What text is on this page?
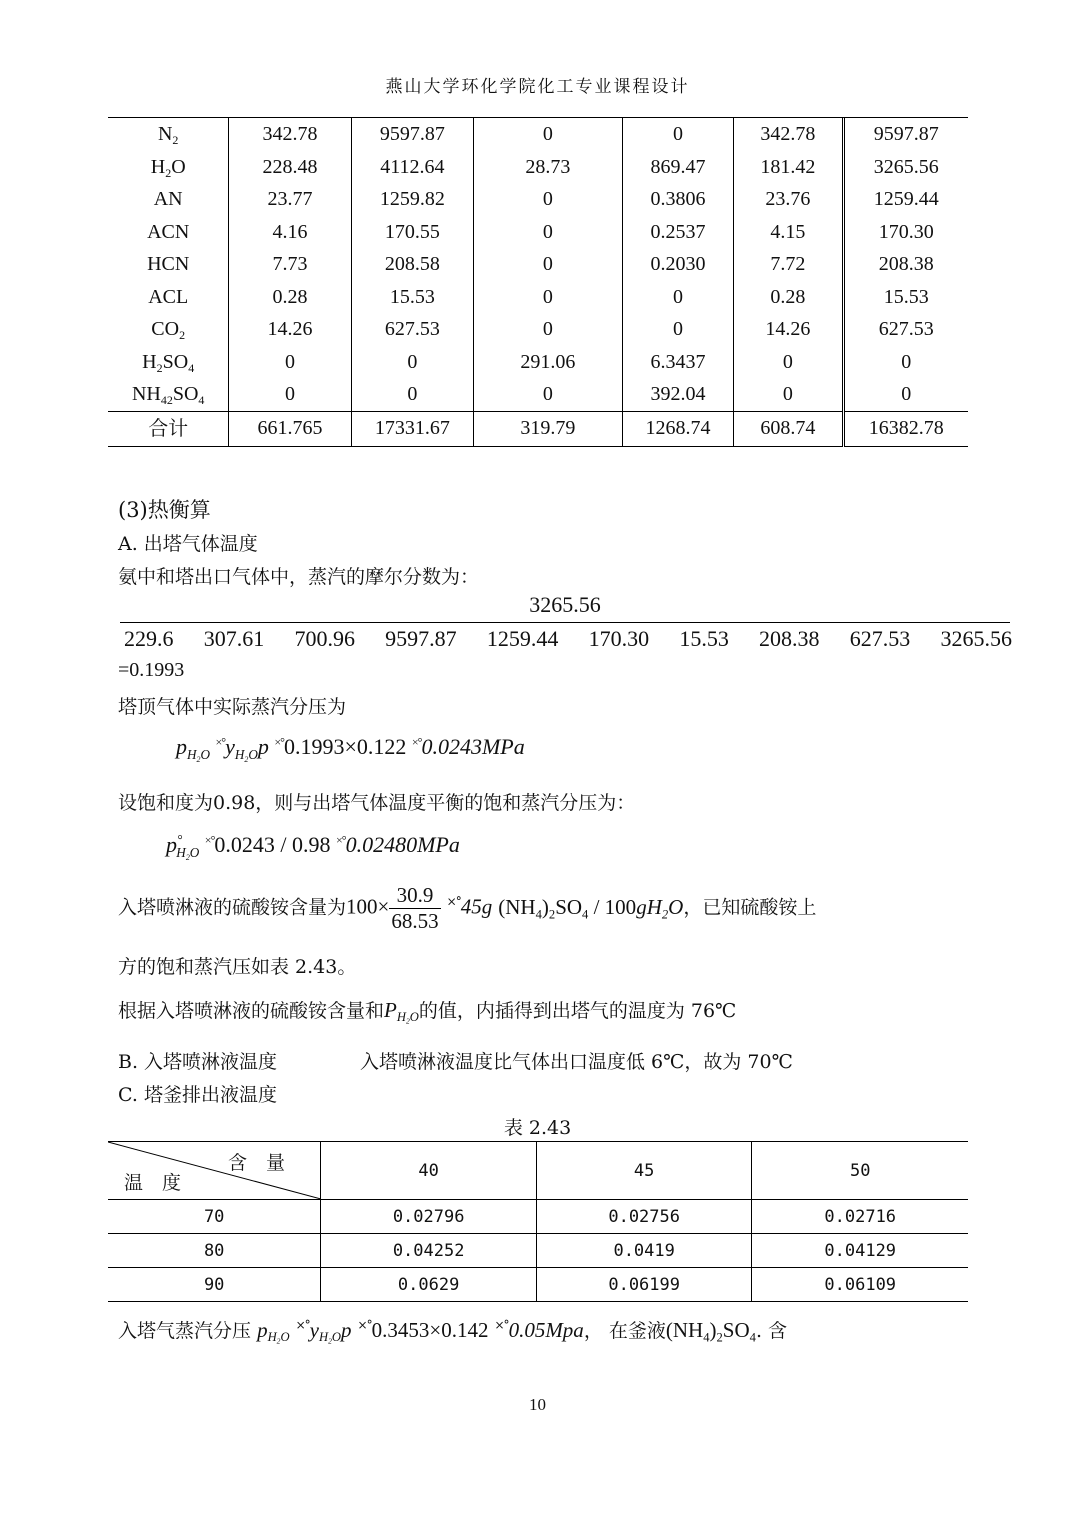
燕山大学环化学院化工专业课程设计
$N_2$	342.78	9597.87	0	0	342.78	9597.87
$H_2O$	228.48	4112.64	28.73	869.47	181.42	3265.56
AN	23.77	1259.82	0	0.3806	23.76	1259.44
ACN	4.16	170.55	0	0.2537	4.15	170.30
HCN	7.73	208.58	0	0.2030	7.72	208.38
ACL	0.28	15.53	0	0	0.28	15.53
$CO_2$	14.26	627.53	0	0	14.26	627.53
$H_2SO_4$	0	0	291.06	6.3437	0	0
$NH_{42}SO_4$	0	0	0	392.04	0	0
合计	661.765	17331.67	319.79	1268.74	608.74	16382.78
(3)热衡算
A. 出塔气体温度
氨中和塔出口气体中，蒸汽的摩尔分数为：
3265.56
229.6 307.61 700.96 9597.87 1259.44 170.30 15.53 208.38 627.53 3265.56
=0.1993
塔顶气体中实际蒸汽分压为
$p_{H_2O}$ $^{\times^\circ}y_{H_2O}p$ ×°0.1993×0.122 ×°0.0243MPa
设饱和度为0.98，则与出塔气体温度平衡的饱和蒸汽分压为：
$p^\circ_{H_2O}$ ×°0.0243 / 0.98 ×°0.02480MPa
入塔喷淋液的硫酸铵含量为$100\times \frac{30.9}{68.53} ^{\times^\circ}45g$ $(NH_4)_2SO_4 / 100gH_2O$，已知硫酸铵上
方的饱和蒸汽压如表 2.43。
根据入塔喷淋液的硫酸铵含量和$P_{H_2O}$的值，内插得到出塔气的温度为 76℃
B. 入塔喷淋液温度	入塔喷淋液温度比气体出口温度低 6℃，故为 70℃
C. 塔釜排出液温度
表 2.43
含　量
温　度	40	45	50
70	0.02796	0.02756	0.02716
80	0.04252	0.0419	0.04129
90	0.0629	0.06199	0.06109
入塔气蒸汽分压 $p_{H_2O}$ $^{\times^\circ}y_{H_2O}p$ ×°0.3453×0.142 ×°0.05Mpa， 在釜液$(NH_4)_2SO_4$. 含
10
